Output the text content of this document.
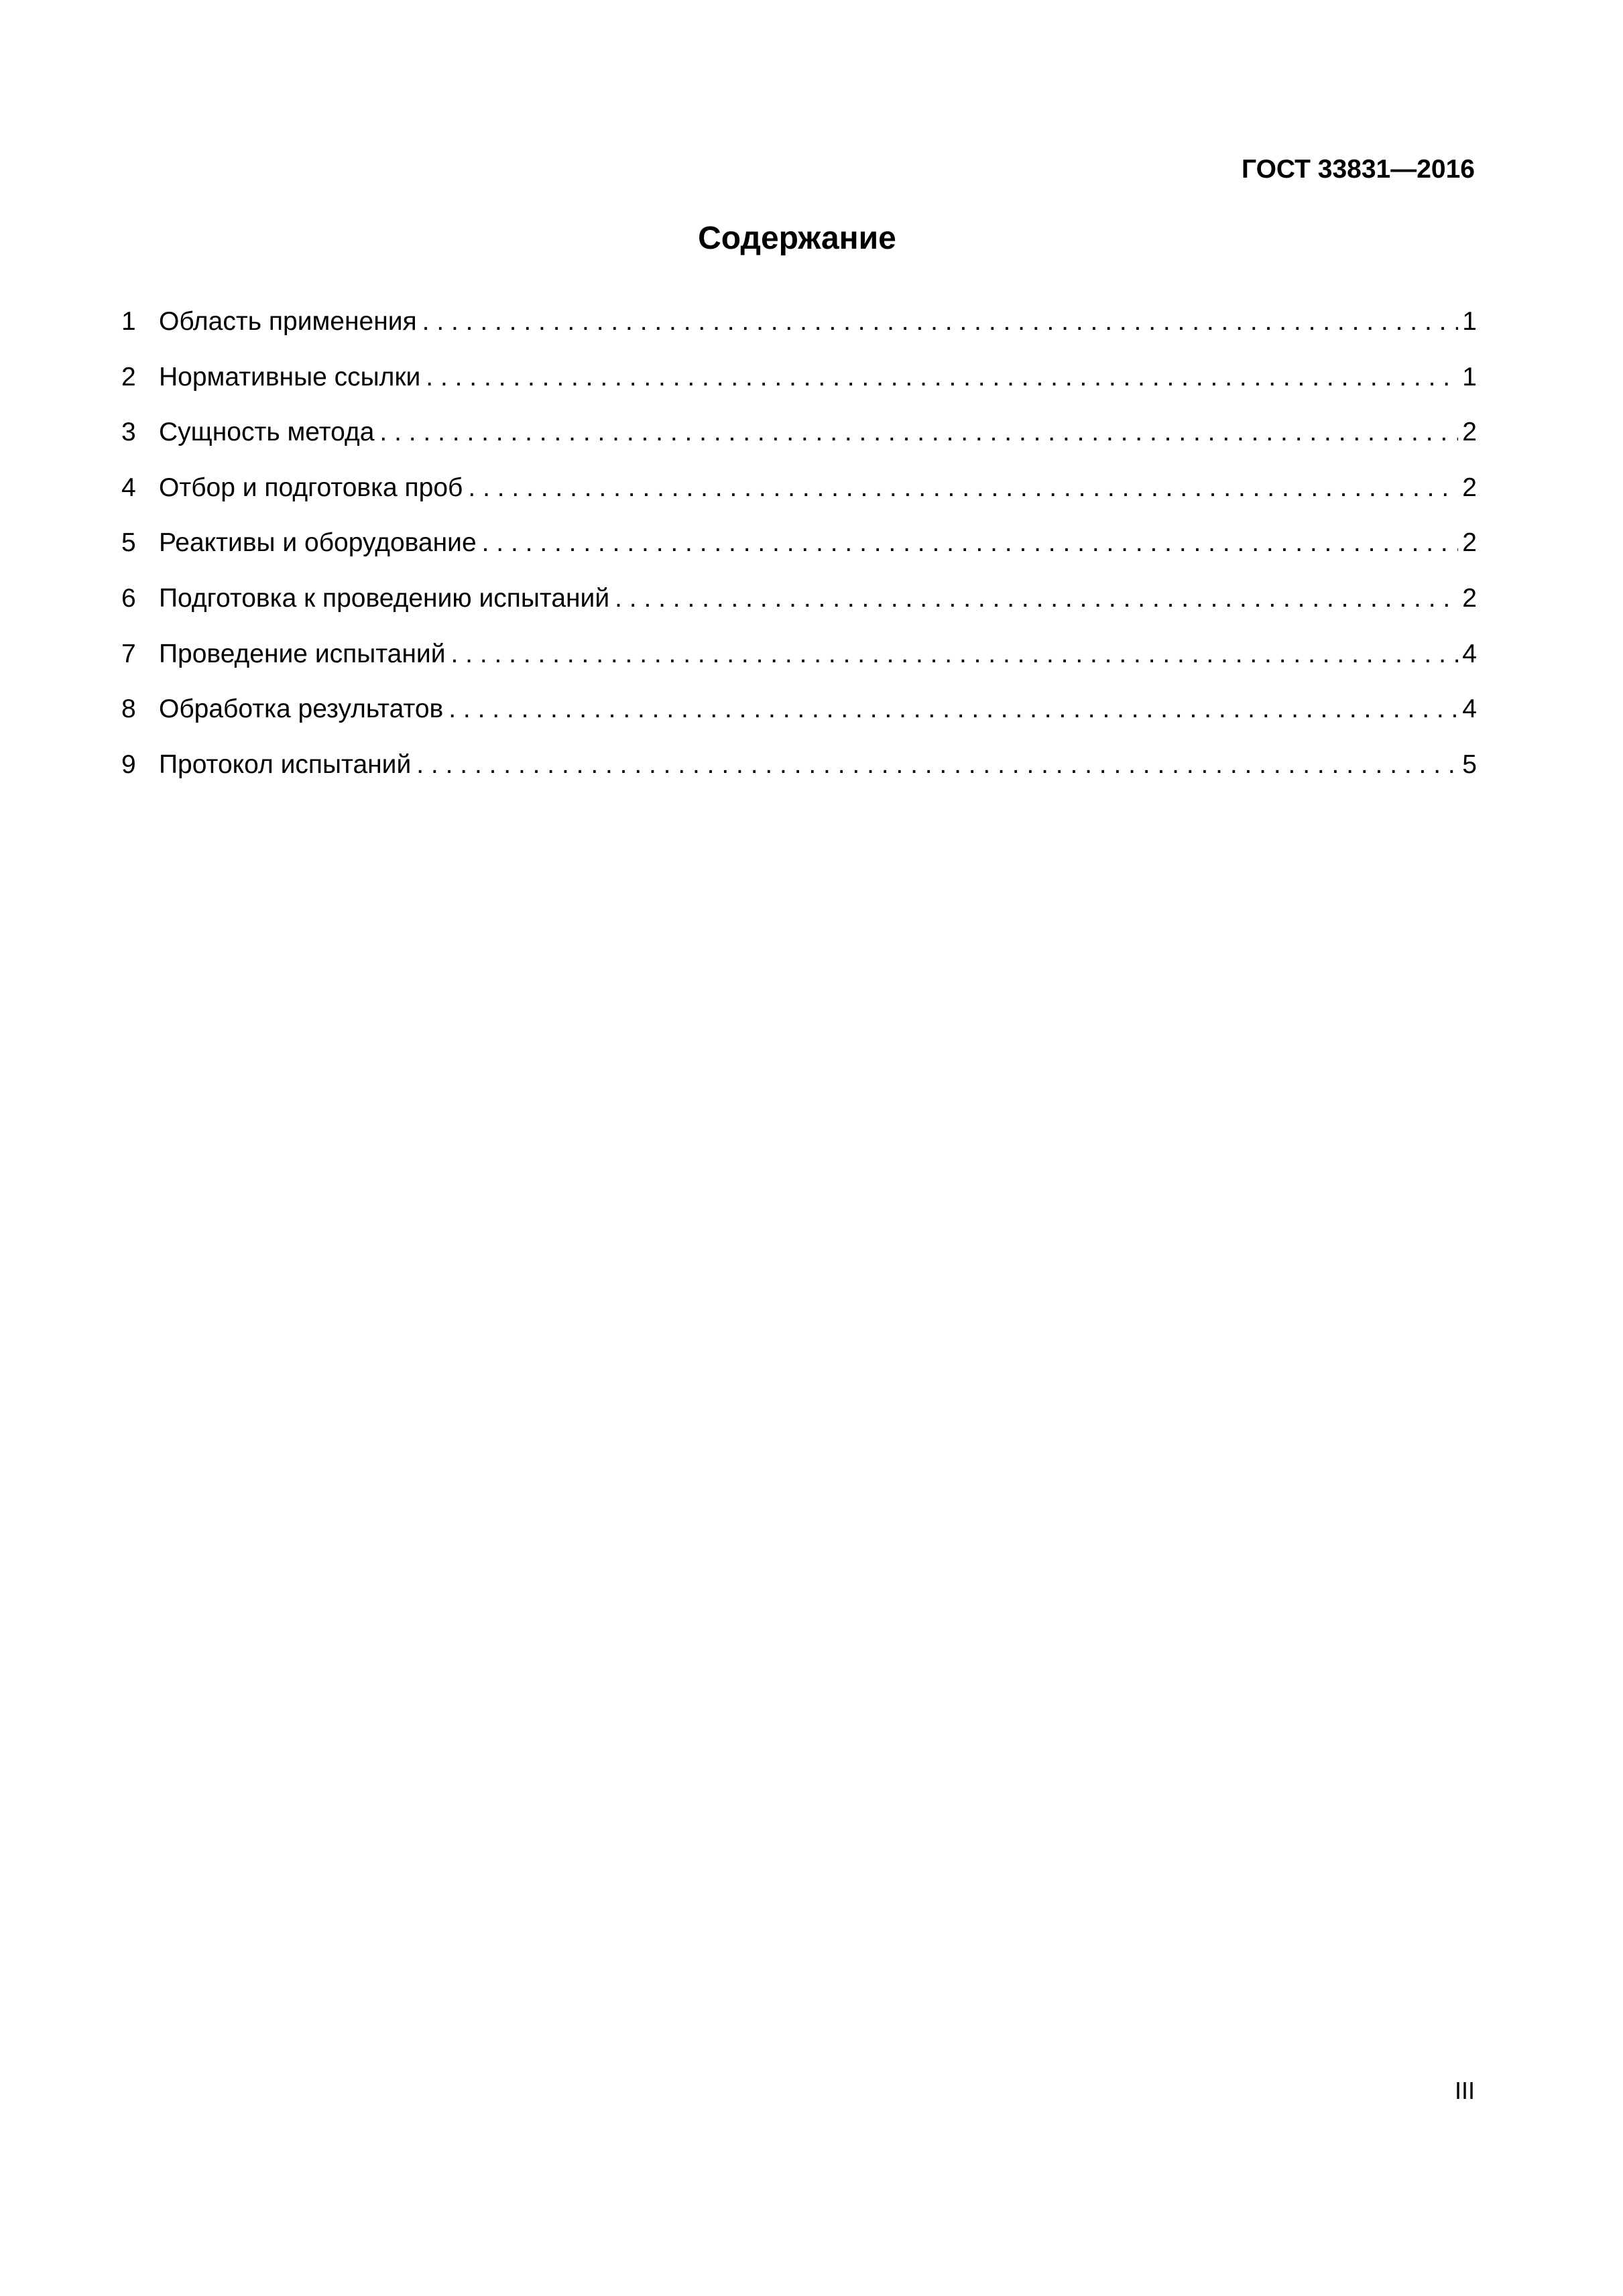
ГОСТ 33831—2016
Содержание
1 Область применения . . .	1
2 Нормативные ссылки . . .	1
3 Сущность метода . . .	2
4 Отбор и подготовка проб . . .	2
5 Реактивы и оборудование . . .	2
6 Подготовка к проведению испытаний . . .	2
7 Проведение испытаний . . .	4
8 Обработка результатов . . .	4
9 Протокол испытаний . . .	5
III
